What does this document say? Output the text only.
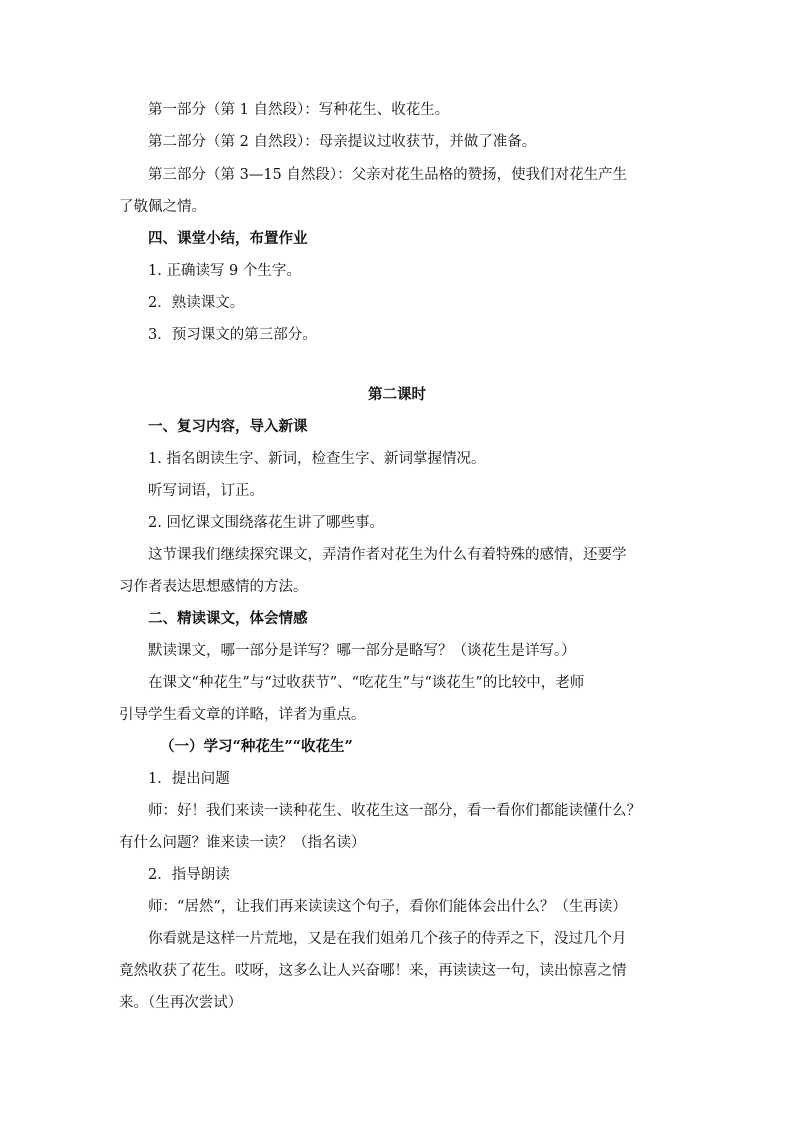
第一部分（第 1 自然段）：写种花生、收花生。
第二部分（第 2 自然段）：母亲提议过收获节，并做了准备。
第三部分（第 3—15 自然段）：父亲对花生品格的赞扬，使我们对花生产生
了敬佩之情。
四、课堂小结，布置作业
1. 正确读写 9 个生字。
2．熟读课文。
3．预习课文的第三部分。
第二课时
一、复习内容，导入新课
1. 指名朗读生字、新词，检查生字、新词掌握情况。
听写词语，订正。
2. 回忆课文围绕落花生讲了哪些事。
这节课我们继续探究课文，弄清作者对花生为什么有着特殊的感情，还要学
习作者表达思想感情的方法。
二、精读课文，体会情感
默读课文，哪一部分是详写？哪一部分是略写？（谈花生是详写。）
在课文“种花生”与“过收获节”、“吃花生”与“谈花生”的比较中，老师
引导学生看文章的详略，详者为重点。
（一）学习“种花生”“收花生”
1．提出问题
师：好！我们来读一读种花生、收花生这一部分，看一看你们都能读懂什么？
有什么问题？谁来读一读？（指名读）
2．指导朗读
师：“居然”，让我们再来读读这个句子，看你们能体会出什么？（生再读）
你看就是这样一片荒地，又是在我们姐弟几个孩子的侍弄之下，没过几个月
竟然收获了花生。哎呀，这多么让人兴奋哪！来，再读读这一句，读出惊喜之情
来。（生再次尝试）
